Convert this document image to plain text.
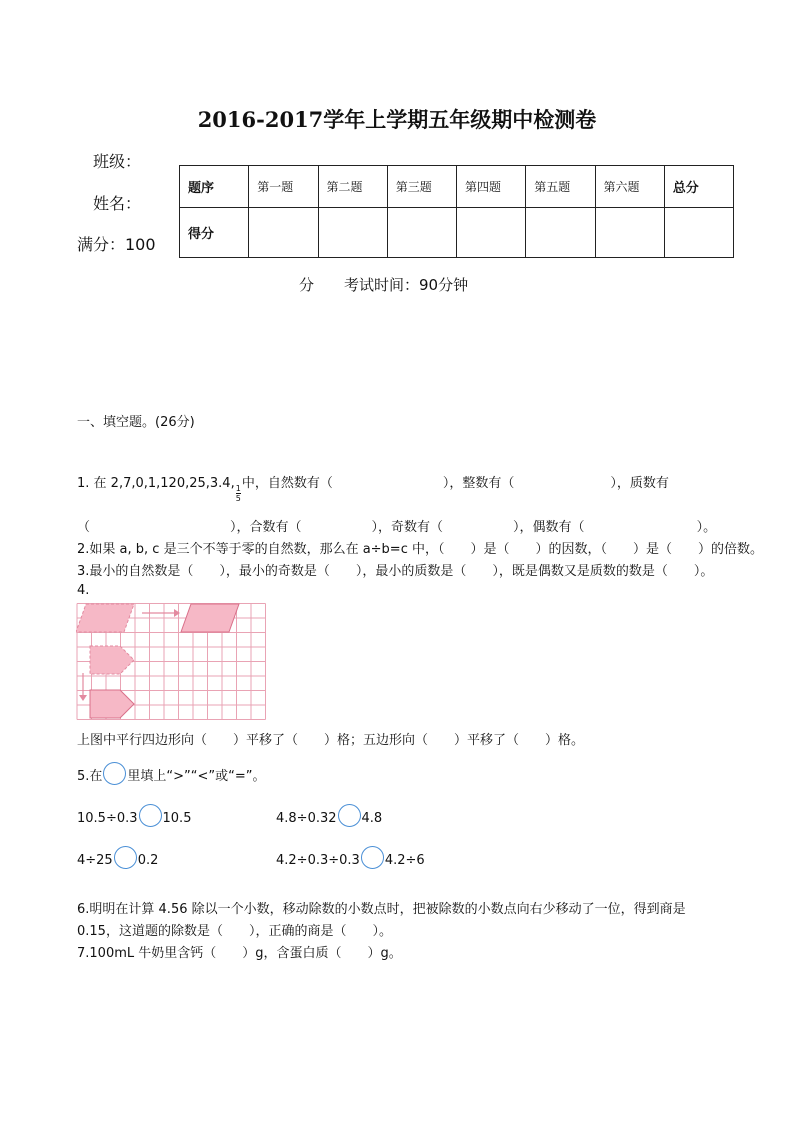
2016-2017学年上学期五年级期中检测卷
班级：
姓名：
满分：100
题序	第一题	第二题	第三题	第四题	第五题	第六题	总分
得分							
分　　考试时间：90分钟
一、填空题。(26分)
1. 在 2,7,0,1,120,25,3.4,
$\frac{1}{5}$
中，自然数有（	），整数有（	），质数有
（	），合数有（	），奇数有（	），偶数有（	）。
2.如果 a, b, c 是三个不等于零的自然数，那么在 a÷b=c 中，（　　）是（　　）的因数，（　　）是（　　）的倍数。
3.最小的自然数是（　　），最小的奇数是（　　），最小的质数是（　　），既是偶数又是质数的数是（　　）。
4.
上图中平行四边形向（　　）平移了（　　）格；五边形向（　　）平移了（　　）格。
5.在 里填上“>”“<”或“=”。
10.5÷0.3 10.5	4.8÷0.32 4.8
4÷25 0.2	4.2÷0.3÷0.3 4.2÷6
6.明明在计算 4.56 除以一个小数，移动除数的小数点时，把被除数的小数点向右少移动了一位，得到商是
0.15，这道题的除数是（　　），正确的商是（　　）。
7.100mL 牛奶里含钙（　　）g，含蛋白质（　　）g。
